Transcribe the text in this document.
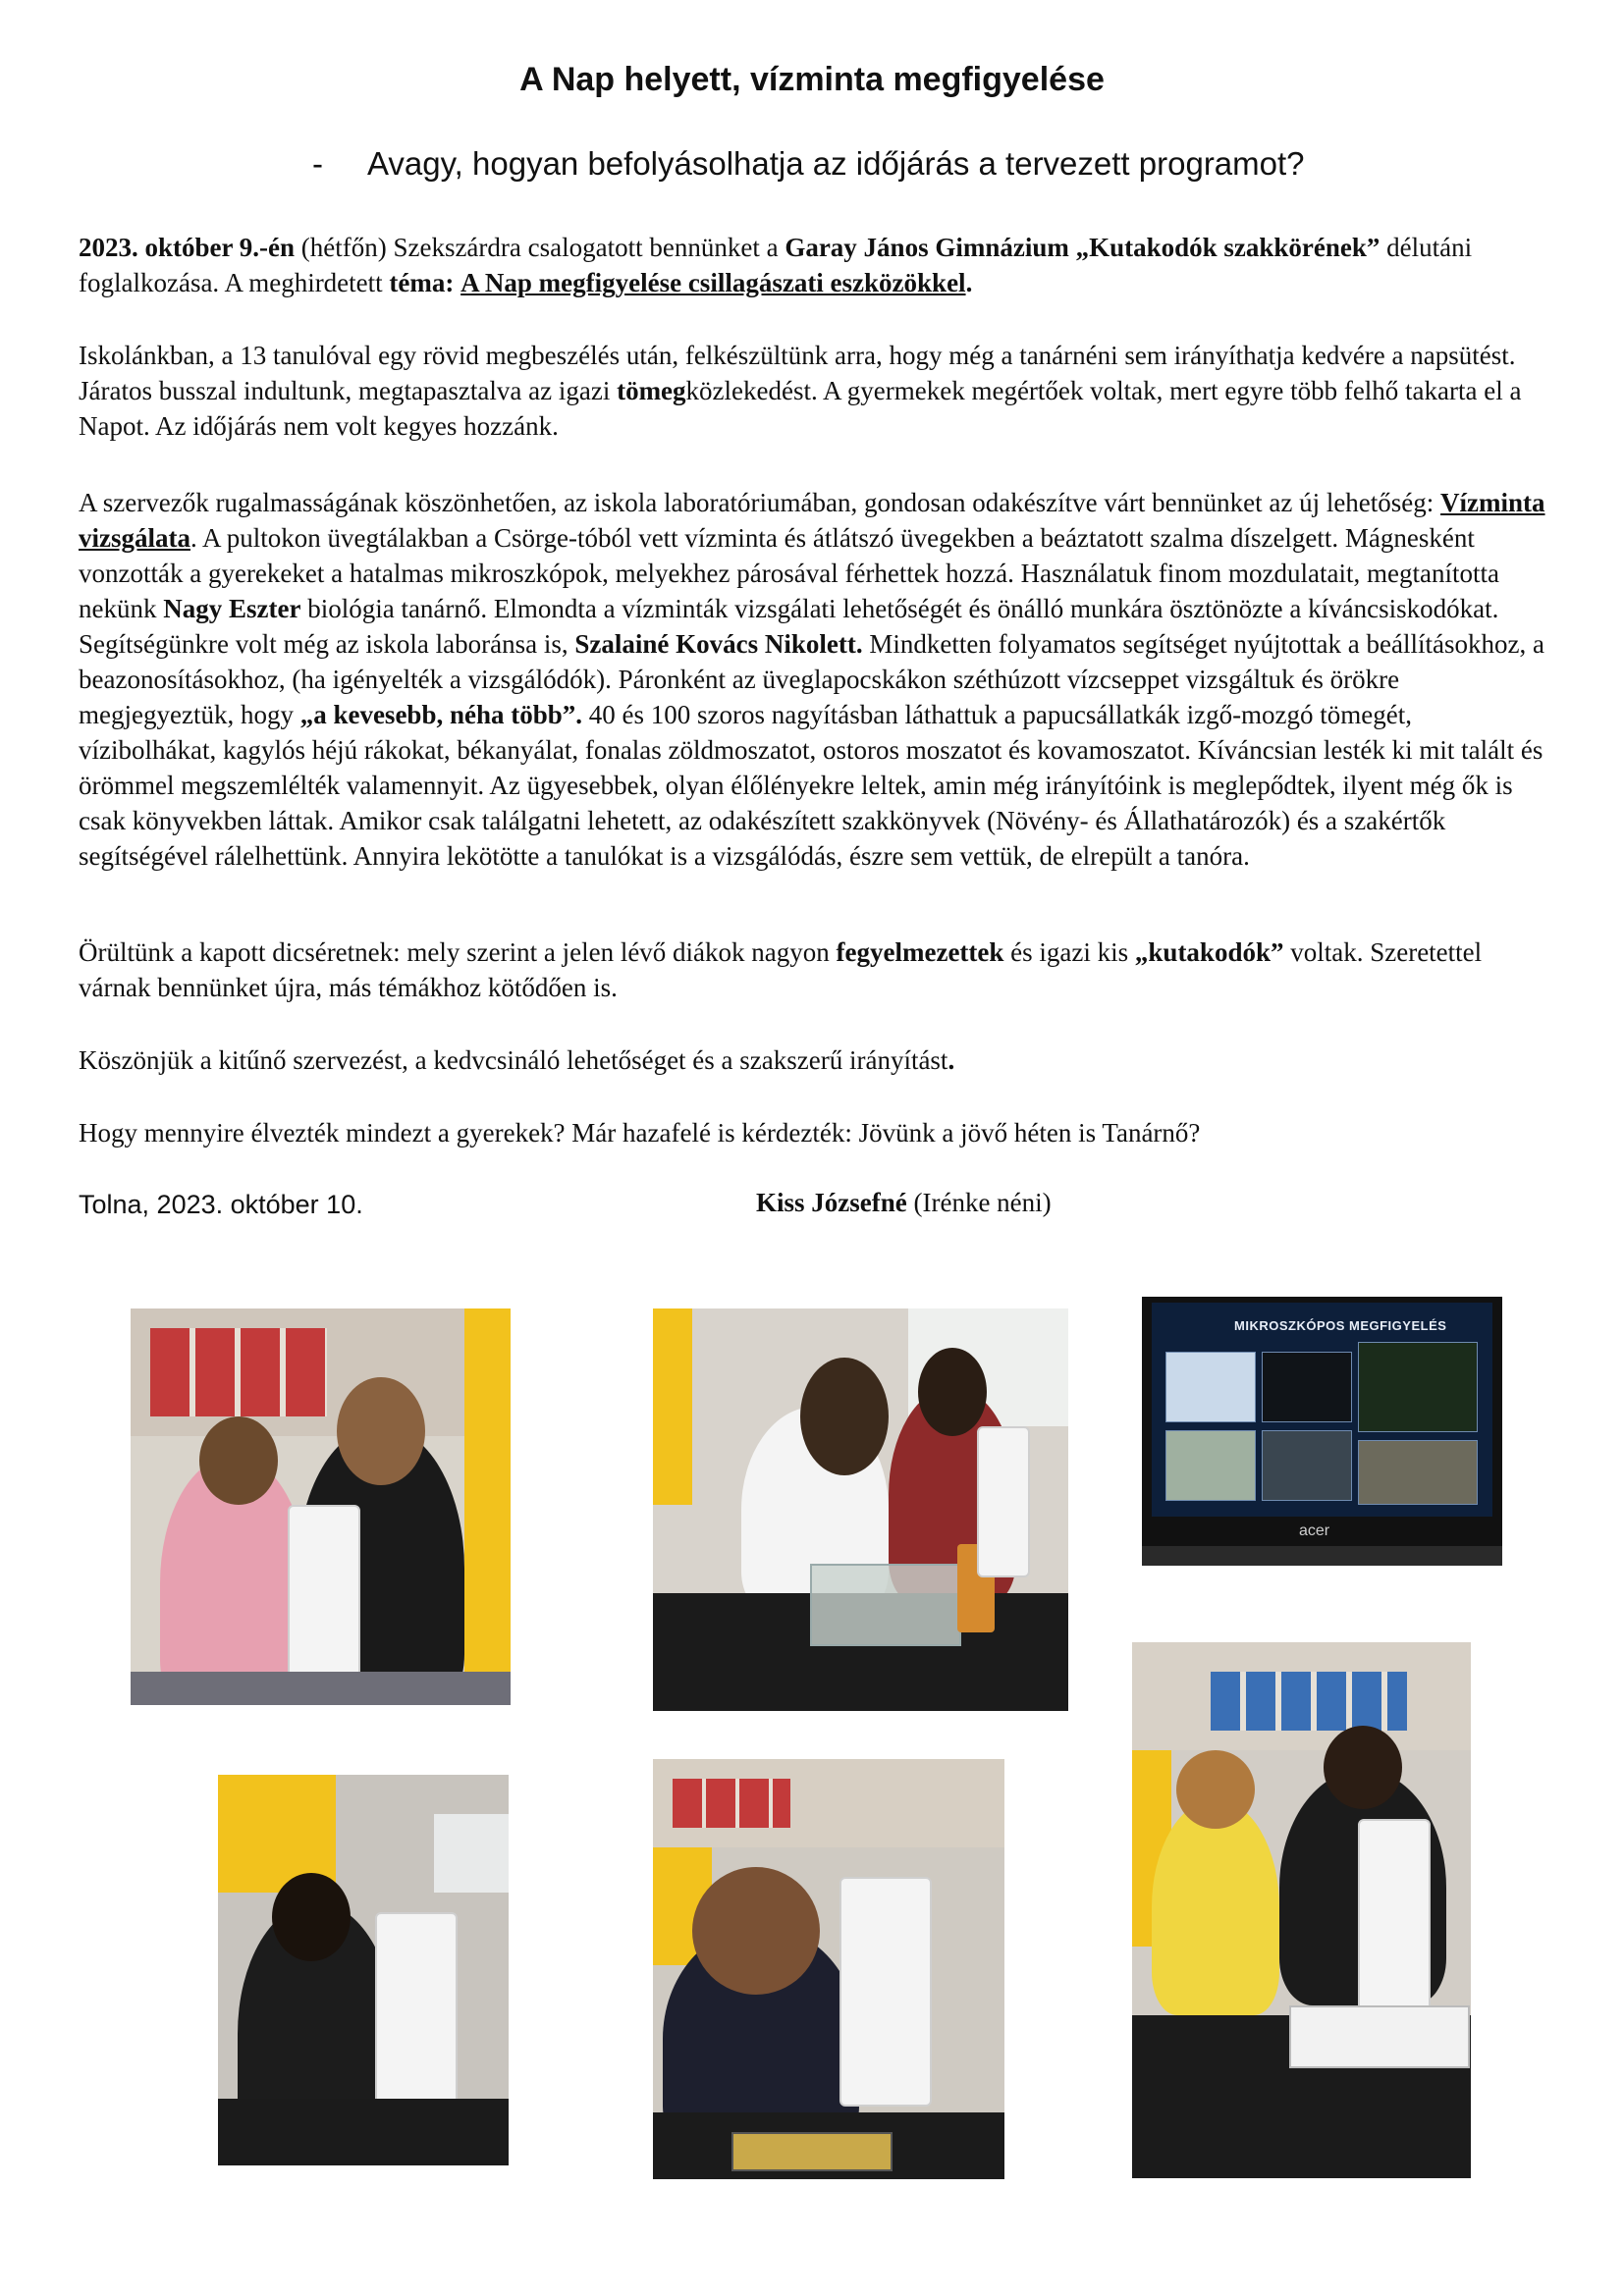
A Nap helyett, vízminta megfigyelése
- Avagy, hogyan befolyásolhatja az időjárás a tervezett programot?

2023. október 9.-én (hétfőn) Szekszárdra csalogatott bennünket a Garay János Gimnázium „Kutakodók szakkörének” délutáni foglalkozása. A meghirdetett téma: A Nap megfigyelése csillagászati eszközökkel.

Iskolánkban, a 13 tanulóval egy rövid megbeszélés után, felkészültünk arra, hogy még a tanárnéni sem irányíthatja kedvére a napsütést. Járatos busszal indultunk, megtapasztalva az igazi tömegközlekedést. A gyermekek megértőek voltak, mert egyre több felhő takarta el a Napot. Az időjárás nem volt kegyes hozzánk.

A szervezők rugalmasságának köszönhetően, az iskola laboratóriumában, gondosan odakészítve várt bennünket az új lehetőség: Vízminta vizsgálata. A pultokon üvegtálakban a Csörge-tóból vett vízminta és átlátszó üvegekben a beáztatott szalma díszelgett. Mágnesként vonzották a gyerekeket a hatalmas mikroszkópok, melyekhez párosával férhettek hozzá. Használatuk finom mozdulatait, megtanította nekünk Nagy Eszter biológia tanárnő. Elmondta a vízminták vizsgálati lehetőségét és önálló munkára ösztönözte a kíváncsiskodókat. Segítségünkre volt még az iskola laboránsa is, Szalainé Kovács Nikolett. Mindketten folyamatos segítséget nyújtottak a beállításokhoz, a beazonosításokhoz, (ha igényelték a vizsgálódók). Páronként az üveglapocskákon széthúzott vízcseppet vizsgáltuk és örökre megjegyeztük, hogy „a kevesebb, néha több”. 40 és 100 szoros nagyításban láthattuk a papucsállatkák izgő-mozgó tömegét, vízibolhákat, kagylós héjú rákokat, békanyálat, fonalas zöldmoszatot, ostoros moszatot és kovamoszatot. Kíváncsian lesték ki mit talált és örömmel megszemlélték valamennyit. Az ügyesebbek, olyan élőlényekre leltek, amin még irányítóink is meglepődtek, ilyent még ők is csak könyvekben láttak. Amikor csak találgatni lehetett, az odakészített szakkönyvek (Növény- és Állathatározók) és a szakértők segítségével rálelhettünk. Annyira lekötötte a tanulókat is a vizsgálódás, észre sem vettük, de elrepült a tanóra.

Örültünk a kapott dicséretnek: mely szerint a jelen lévő diákok nagyon fegyelmezettek és igazi kis „kutakodók” voltak. Szeretettel várnak bennünket újra, más témákhoz kötődően is.

Köszönjük a kitűnő szervezést, a kedvcsináló lehetőséget és a szakszerű irányítást.

Hogy mennyire élvezték mindezt a gyerekek? Már hazafelé is kérdezték: Jövünk a jövő héten is Tanárnő?

Tolna, 2023. október 10.	Kiss Józsefné (Irénke néni)
MIKROSZKÓPOS MEGFIGYELÉS
acer
